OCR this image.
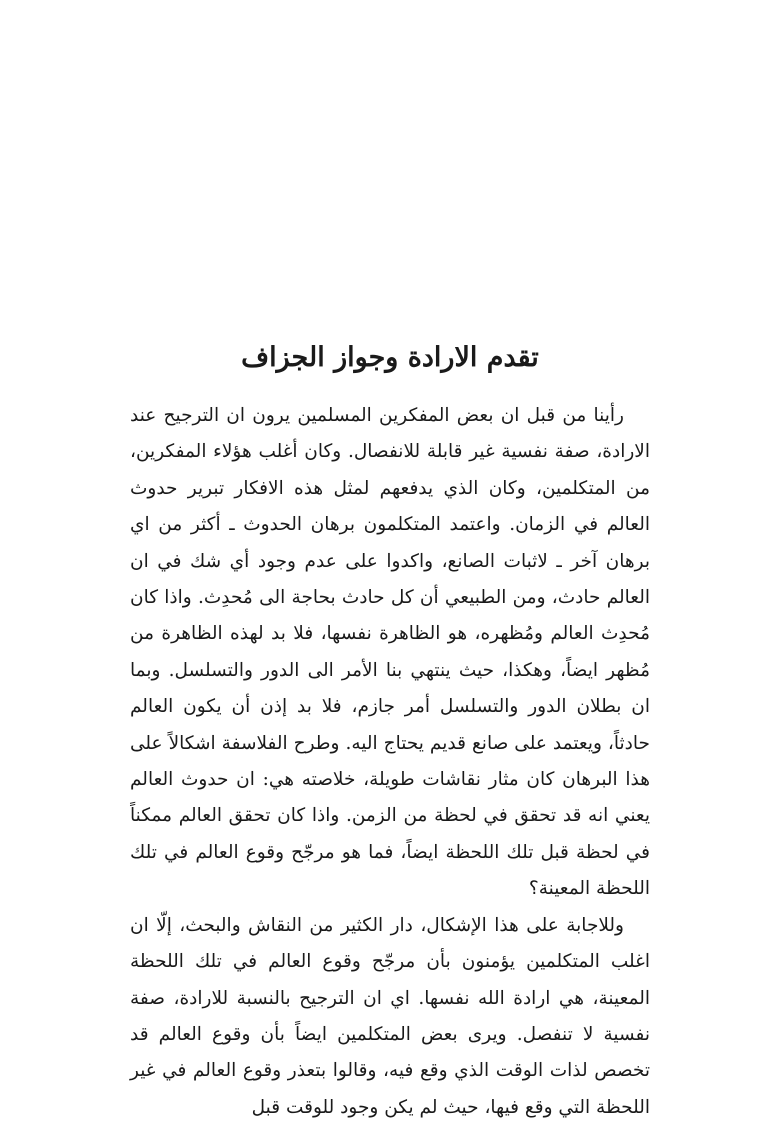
تقدم الارادة وجواز الجزاف

رأينا من قبل ان بعض المفكرين المسلمين يرون ان الترجيح عند الارادة، صفة نفسية غير قابلة للانفصال. وكان أغلب هؤلاء المفكرين، من المتكلمين، وكان الذي يدفعهم لمثل هذه الافكار تبرير حدوث العالم في الزمان. واعتمد المتكلمون برهان الحدوث ـ أكثر من اي برهان آخر ـ لاثبات الصانع، واكدوا على عدم وجود أي شك في ان العالم حادث، ومن الطبيعي أن كل حادث بحاجة الى مُحدِث. واذا كان مُحدِث العالم ومُظهره، هو الظاهرة نفسها، فلا بد لهذه الظاهرة من مُظهر ايضاً، وهكذا، حيث ينتهي بنا الأمر الى الدور والتسلسل. وبما ان بطلان الدور والتسلسل أمر جازم، فلا بد إذن أن يكون العالم حادثاً، ويعتمد على صانع قديم يحتاج اليه. وطرح الفلاسفة اشكالاً على هذا البرهان كان مثار نقاشات طويلة، خلاصته هي: ان حدوث العالم يعني انه قد تحقق في لحظة من الزمن. واذا كان تحقق العالم ممكناً في لحظة قبل تلك اللحظة ايضاً، فما هو مرجّح وقوع العالم في تلك اللحظة المعينة؟

وللاجابة على هذا الإشكال، دار الكثير من النقاش والبحث، إلّا ان اغلب المتكلمين يؤمنون بأن مرجّح وقوع العالم في تلك اللحظة المعينة، هي ارادة الله نفسها. اي ان الترجيح بالنسبة للارادة، صفة نفسية لا تنفصل. ويرى بعض المتكلمين ايضاً بأن وقوع العالم قد تخصص لذات الوقت الذي وقع فيه، وقالوا بتعذر وقوع العالم في غير اللحظة التي وقع فيها، حيث لم يكن وجود للوقت قبل
